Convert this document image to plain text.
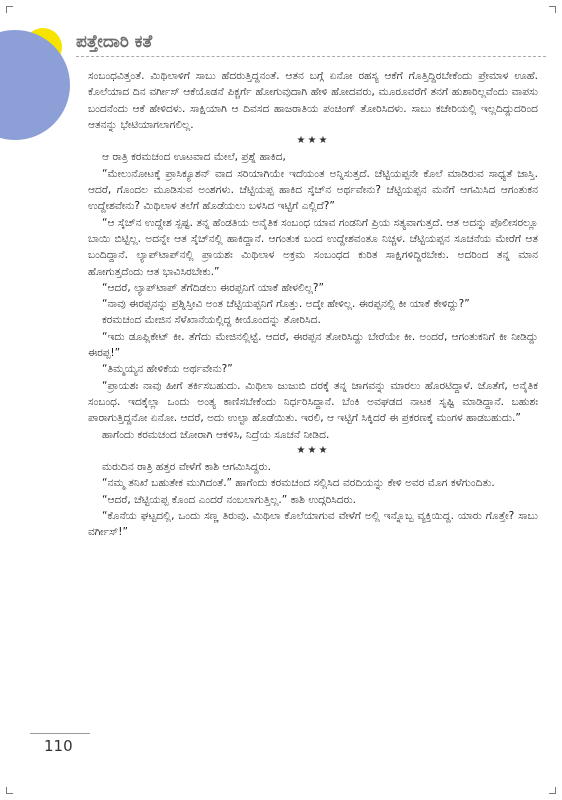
ಪತ್ತೇದಾರಿ ಕತೆ

ಸಂಬಂಧವಿತ್ತಂತೆ. ಮಿಥಿಲಾಳಿಗೆ ಸಾಬು ಹೆದರುತ್ತಿದ್ದನಂತೆ. ಆತನ ಬಗ್ಗೆ ಏನೋ ರಹಸ್ಯ ಆಕೆಗೆ ಗೊತ್ತಿದ್ದಿರಬೇಕೆಂದು ಪ್ರೇಮಾಳ ಊಹೆ. ಕೊಲೆಯಾದ ದಿನ ವರ್ಗೀಸ್ ಆಕೆಯೊಡನೆ ಪಿಕ್ಚರ್ಗೆ ಹೋಗುವುದಾಗಿ ಹೇಳಿ ಹೋದವರು, ಮೂರೂವರೆಗೆ ತನಗೆ ಹುಶಾರಿಲ್ಲವೆಂದು ವಾಪಸು ಬಂದನೆಂದು ಆಕೆ ಹೇಳಿದಳು. ಸಾಕ್ಷಿಯಾಗಿ ಆ ದಿವಸದ ಹಾಜರಾತಿಯ ಪಂಚಿಂಗ್ ತೋರಿಸಿದಳು. ಸಾಬು ಕಚೇರಿಯಲ್ಲಿ ಇಲ್ಲದಿದ್ದುದರಿಂದ ಆತನನ್ನು ಭೇಟಿಯಾಗಲಾಗಲಿಲ್ಲ.

★★★

ಆ ರಾತ್ರಿ ಕರಮಚಂದ ಊಟವಾದ ಮೇಲೆ, ಪ್ರಶ್ನೆ ಹಾಕಿದ,

“ಮೇಲುನೋಟಕ್ಕೆ ಪ್ರಾಸಿಕ್ಯೂಶನ್ ವಾದ ಸರಿಯಾಗಿಯೇ ಇದೆಯಂತ ಅನ್ನಿಸುತ್ತದೆ. ಚೆಟ್ಟಿಯಪ್ಪನೇ ಕೊಲೆ ಮಾಡಿರುವ ಸಾಧ್ಯತೆ ಜಾಸ್ತಿ. ಆದರೆ, ಗೊಂದಲ ಮೂಡಿಸುವ ಅಂಶಗಳು. ಚೆಟ್ಟಿಯಪ್ಪ ಹಾಕಿದ ಸ್ಕೆಚ್‌ನ ಅರ್ಥವೇನು? ಚೆಟ್ಟಿಯಪ್ಪನ ಮನೆಗೆ ಆಗಮಿಸಿದ ಆಗಂತುಕನ ಉದ್ದೇಶವೇನು? ಮಿಥಿಲಾಳ ತಲೆಗೆ ಹೊಡೆಯಲು ಬಳಸಿದ ಇಟ್ಟಿಗೆ ಎಲ್ಲಿದೆ?”

“ಆ ಸ್ಕೆಚ್‌ನ ಉದ್ದೇಶ ಸ್ಪಷ್ಟ. ತನ್ನ ಹೆಂಡತಿಯ ಅನೈತಿಕ ಸಂಬಂಧ ಯಾವ ಗಂಡನಿಗೆ ಪ್ರಿಯ ಸತ್ಯವಾಗುತ್ತದೆ. ಆತ ಅದನ್ನು ಪೊಲೀಸರಲ್ಲೂ ಬಾಯಿ ಬಿಟ್ಟಿಲ್ಲ. ಅದನ್ನೇ ಆತ ಸ್ಕೆಚ್‌ನಲ್ಲಿ ಹಾಕಿದ್ದಾನೆ. ಆಗಂತುಕ ಬಂದ ಉದ್ದೇಶವಂತೂ ನಿಚ್ಚಳ. ಚೆಟ್ಟಿಯಪ್ಪನ ಸೂಚನೆಯ ಮೇರೆಗೆ ಆತ ಬಂದಿದ್ದಾನೆ. ಲ್ಯಾಪ್‌ಟಾಪ್‌ನಲ್ಲಿ ಪ್ರಾಯಶಃ ಮಿಥಿಲಾಳ ಅಕ್ರಮ ಸಂಬಂಧದ ಕುರಿತ ಸಾಕ್ಷಿಗಳಿದ್ದಿರಬೇಕು. ಅದರಿಂದ ತನ್ನ ಮಾನ ಹೋಗುತ್ತದೆಂದು ಆತ ಭಾವಿಸಿರಬೇಕು.”

“ಆದರೆ, ಲ್ಯಾಪ್‌ಟಾಪ್ ತೆಗೆದಿಡಲು ಈರಪ್ಪನಿಗೆ ಯಾಕೆ ಹೇಳಲಿಲ್ಲ?”

“ನಾವು ಈರಪ್ಪನನ್ನು ಪ್ರಶ್ನಿಸ್ತೀವಿ ಅಂತ ಚೆಟ್ಟಿಯಪ್ಪನಿಗೆ ಗೊತ್ತು. ಅದ್ಕೇ ಹೇಳಿಲ್ಲ. ಈರಪ್ಪನಲ್ಲಿ ಕೀ ಯಾಕೆ ಕೇಳಿದ್ದು?”

ಕರಮಚಂದ ಮೇಜಿನ ಸೆಳೆಖಾನೆಯಲ್ಲಿದ್ದ ಕೀಯೊಂದನ್ನು ತೋರಿಸಿದ.

“ಇದು ಡೂಪ್ಲಿಕೇಟ್ ಕೀ. ತೆಗೆದು ಮೇಜಿನಲ್ಲಿಟ್ಟೆ. ಆದರೆ, ಈರಪ್ಪನ ತೋರಿಸಿದ್ದು ಬೇರೆಯೇ ಕೀ. ಅಂದರೆ, ಆಗಂತುಕನಿಗೆ ಕೀ ನೀಡಿದ್ದು ಈರಪ್ಪ!”

“ತಿಮ್ಮಯ್ಯನ ಹೇಳಿಕೆಯ ಅರ್ಥವೇನು?”

“ಪ್ರಾಯಶಃ ನಾವು ಹೀಗೆ ತರ್ಕಿಸಬಹುದು. ಮಿಥಿಲಾ ಜುಜುಬಿ ದರಕ್ಕೆ ತನ್ನ ಜಾಗವನ್ನು ಮಾರಲು ಹೊರಟಿದ್ದಾಳೆ. ಜೊತೆಗೆ, ಅನೈತಿಕ ಸಂಬಂಧ. ಇದಕ್ಕೆಲ್ಲಾ ಒಂದು ಅಂತ್ಯ ಕಾಣಿಸಬೇಕೆಂದು ನಿರ್ಧರಿಸಿದ್ದಾನೆ. ಬೆಂಕಿ ಅವಘಡದ ನಾಟಕ ಸೃಷ್ಟಿ ಮಾಡಿದ್ದಾನೆ. ಬಹುಶಃ ಪಾರಾಗುತ್ತಿದ್ದನೋ ಏನೋ. ಆದರೆ, ಅದು ಉಲ್ಟಾ ಹೊಡೆಯಿತು. ಇರಲಿ, ಆ ಇಟ್ಟಿಗೆ ಸಿಕ್ಕಿದರೆ ಈ ಪ್ರಕರಣಕ್ಕೆ ಮಂಗಳ ಹಾಡಬಹುದು.”

ಹಾಗೆಂದು ಕರಮಚಂದ ಜೋರಾಗಿ ಆಕಳಿಸಿ, ನಿದ್ರೆಯ ಸೂಚನೆ ನೀಡಿದ.

★★★

ಮರುದಿನ ರಾತ್ರಿ ಹತ್ತರ ವೇಳೆಗೆ ಕಾಶಿ ಆಗಮಿಸಿದ್ದರು.

“ನಮ್ಮ ತನಿಖೆ ಬಹುತೇಕ ಮುಗಿದಂತೆ.” ಹಾಗೆಂದು ಕರಮಚಂದ ಸಲ್ಲಿಸಿದ ವರದಿಯನ್ನು ಕೇಳಿ ಅವರ ಮೊಗ ಕಳೆಗುಂದಿತು.

“ಆದರೆ, ಚೆಟ್ಟಿಯಪ್ಪ ಕೊಂದ ಎಂದರೆ ನಂಬಲಾಗುತ್ತಿಲ್ಲ.” ಕಾಶಿ ಉದ್ಗರಿಸಿದರು.

“ಕೊನೆಯ ಘಟ್ಟದಲ್ಲಿ, ಒಂದು ಸಣ್ಣ ತಿರುವು. ಮಿಥಿಲಾ ಕೊಲೆಯಾಗುವ ವೇಳೆಗೆ ಅಲ್ಲಿ ಇನ್ನೊಬ್ಬ ವ್ಯಕ್ತಿಯಿದ್ದ. ಯಾರು ಗೊತ್ತೇ? ಸಾಬು ವರ್ಗೀಸ್!”

110
